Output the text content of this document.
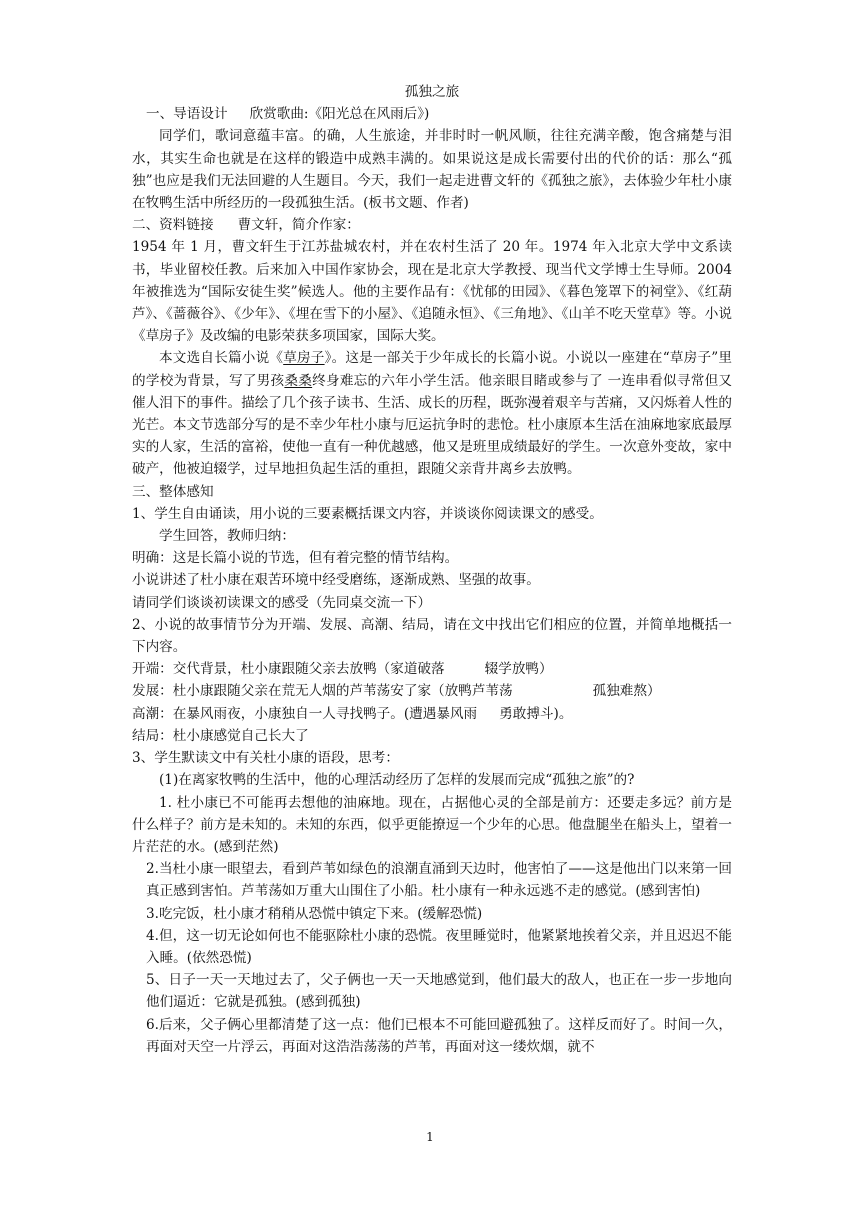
孤独之旅

一、导语设计 欣赏歌曲:《阳光总在风雨后》)

同学们，歌词意蕴丰富。的确，人生旅途，并非时时一帆风顺，往往充满辛酸，饱含痛楚与泪水，其实生命也就是在这样的锻造中成熟丰满的。如果说这是成长需要付出的代价的话：那么“孤独”也应是我们无法回避的人生题目。今天，我们一起走进曹文轩的《孤独之旅》，去体验少年杜小康在牧鸭生活中所经历的一段孤独生活。(板书文题、作者)

二、资料链接 曹文轩，简介作家：

1954 年 1 月，曹文轩生于江苏盐城农村，并在农村生活了 20 年。1974 年入北京大学中文系读书，毕业留校任教。后来加入中国作家协会，现在是北京大学教授、现当代文学博士生导师。2004 年被推选为“国际安徒生奖”候选人。他的主要作品有：《忧郁的田园》、《暮色笼罩下的祠堂》、《红葫芦》、《蔷薇谷》、《少年》、《埋在雪下的小屋》、《追随永恒》、《三角地》、《山羊不吃天堂草》等。小说《草房子》及改编的电影荣获多项国家，国际大奖。

本文选自长篇小说《草房子》。这是一部关于少年成长的长篇小说。小说以一座建在“草房子”里的学校为背景，写了男孩桑桑终身难忘的六年小学生活。他亲眼目睹或参与了 一连串看似寻常但又催人泪下的事件。描绘了几个孩子读书、生活、成长的历程，既弥漫着艰辛与苦痛，又闪烁着人性的光芒。本文节选部分写的是不幸少年杜小康与厄运抗争时的悲怆。杜小康原本生活在油麻地家底最厚实的人家，生活的富裕，使他一直有一种优越感，他又是班里成绩最好的学生。一次意外变故，家中破产，他被迫辍学，过早地担负起生活的重担，跟随父亲背井离乡去放鸭。

三、整体感知

1、学生自由诵读，用小说的三要素概括课文内容，并谈谈你阅读课文的感受。

学生回答，教师归纳：

明确：这是长篇小说的节选，但有着完整的情节结构。

小说讲述了杜小康在艰苦环境中经受磨练，逐渐成熟、坚强的故事。

请同学们谈谈初读课文的感受（先同桌交流一下）

2、小说的故事情节分为开端、发展、高潮、结局，请在文中找出它们相应的位置，并简单地概括一下内容。

开端：交代背景，杜小康跟随父亲去放鸭（家道破落	辍学放鸭）

发展：杜小康跟随父亲在荒无人烟的芦苇荡安了家（放鸭芦苇荡	孤独难熬）

高潮：在暴风雨夜，小康独自一人寻找鸭子。(遭遇暴风雨 勇敢搏斗)。

结局：杜小康感觉自己长大了

3、学生默读文中有关杜小康的语段，思考：

(1)在离家牧鸭的生活中，他的心理活动经历了怎样的发展而完成“孤独之旅”的?

1. 杜小康已不可能再去想他的油麻地。现在，占据他心灵的全部是前方：还要走多远？前方是什么样子？前方是未知的。未知的东西，似乎更能撩逗一个少年的心思。他盘腿坐在船头上，望着一片茫茫的水。(感到茫然)

2.当杜小康一眼望去，看到芦苇如绿色的浪潮直涌到天边时，他害怕了——这是他出门以来第一回真正感到害怕。芦苇荡如万重大山围住了小船。杜小康有一种永远逃不走的感觉。(感到害怕)

3.吃完饭，杜小康才稍稍从恐慌中镇定下来。(缓解恐慌)

4.但，这一切无论如何也不能驱除杜小康的恐慌。夜里睡觉时，他紧紧地挨着父亲，并且迟迟不能入睡。(依然恐慌)

5、日子一天一天地过去了，父子俩也一天一天地感觉到，他们最大的敌人，也正在一步一步地向他们逼近：它就是孤独。(感到孤独)

6.后来，父子俩心里都清楚了这一点：他们已根本不可能回避孤独了。这样反而好了。时间一久，再面对天空一片浮云，再面对这浩浩荡荡的芦苇，再面对这一缕炊烟，就不

1
